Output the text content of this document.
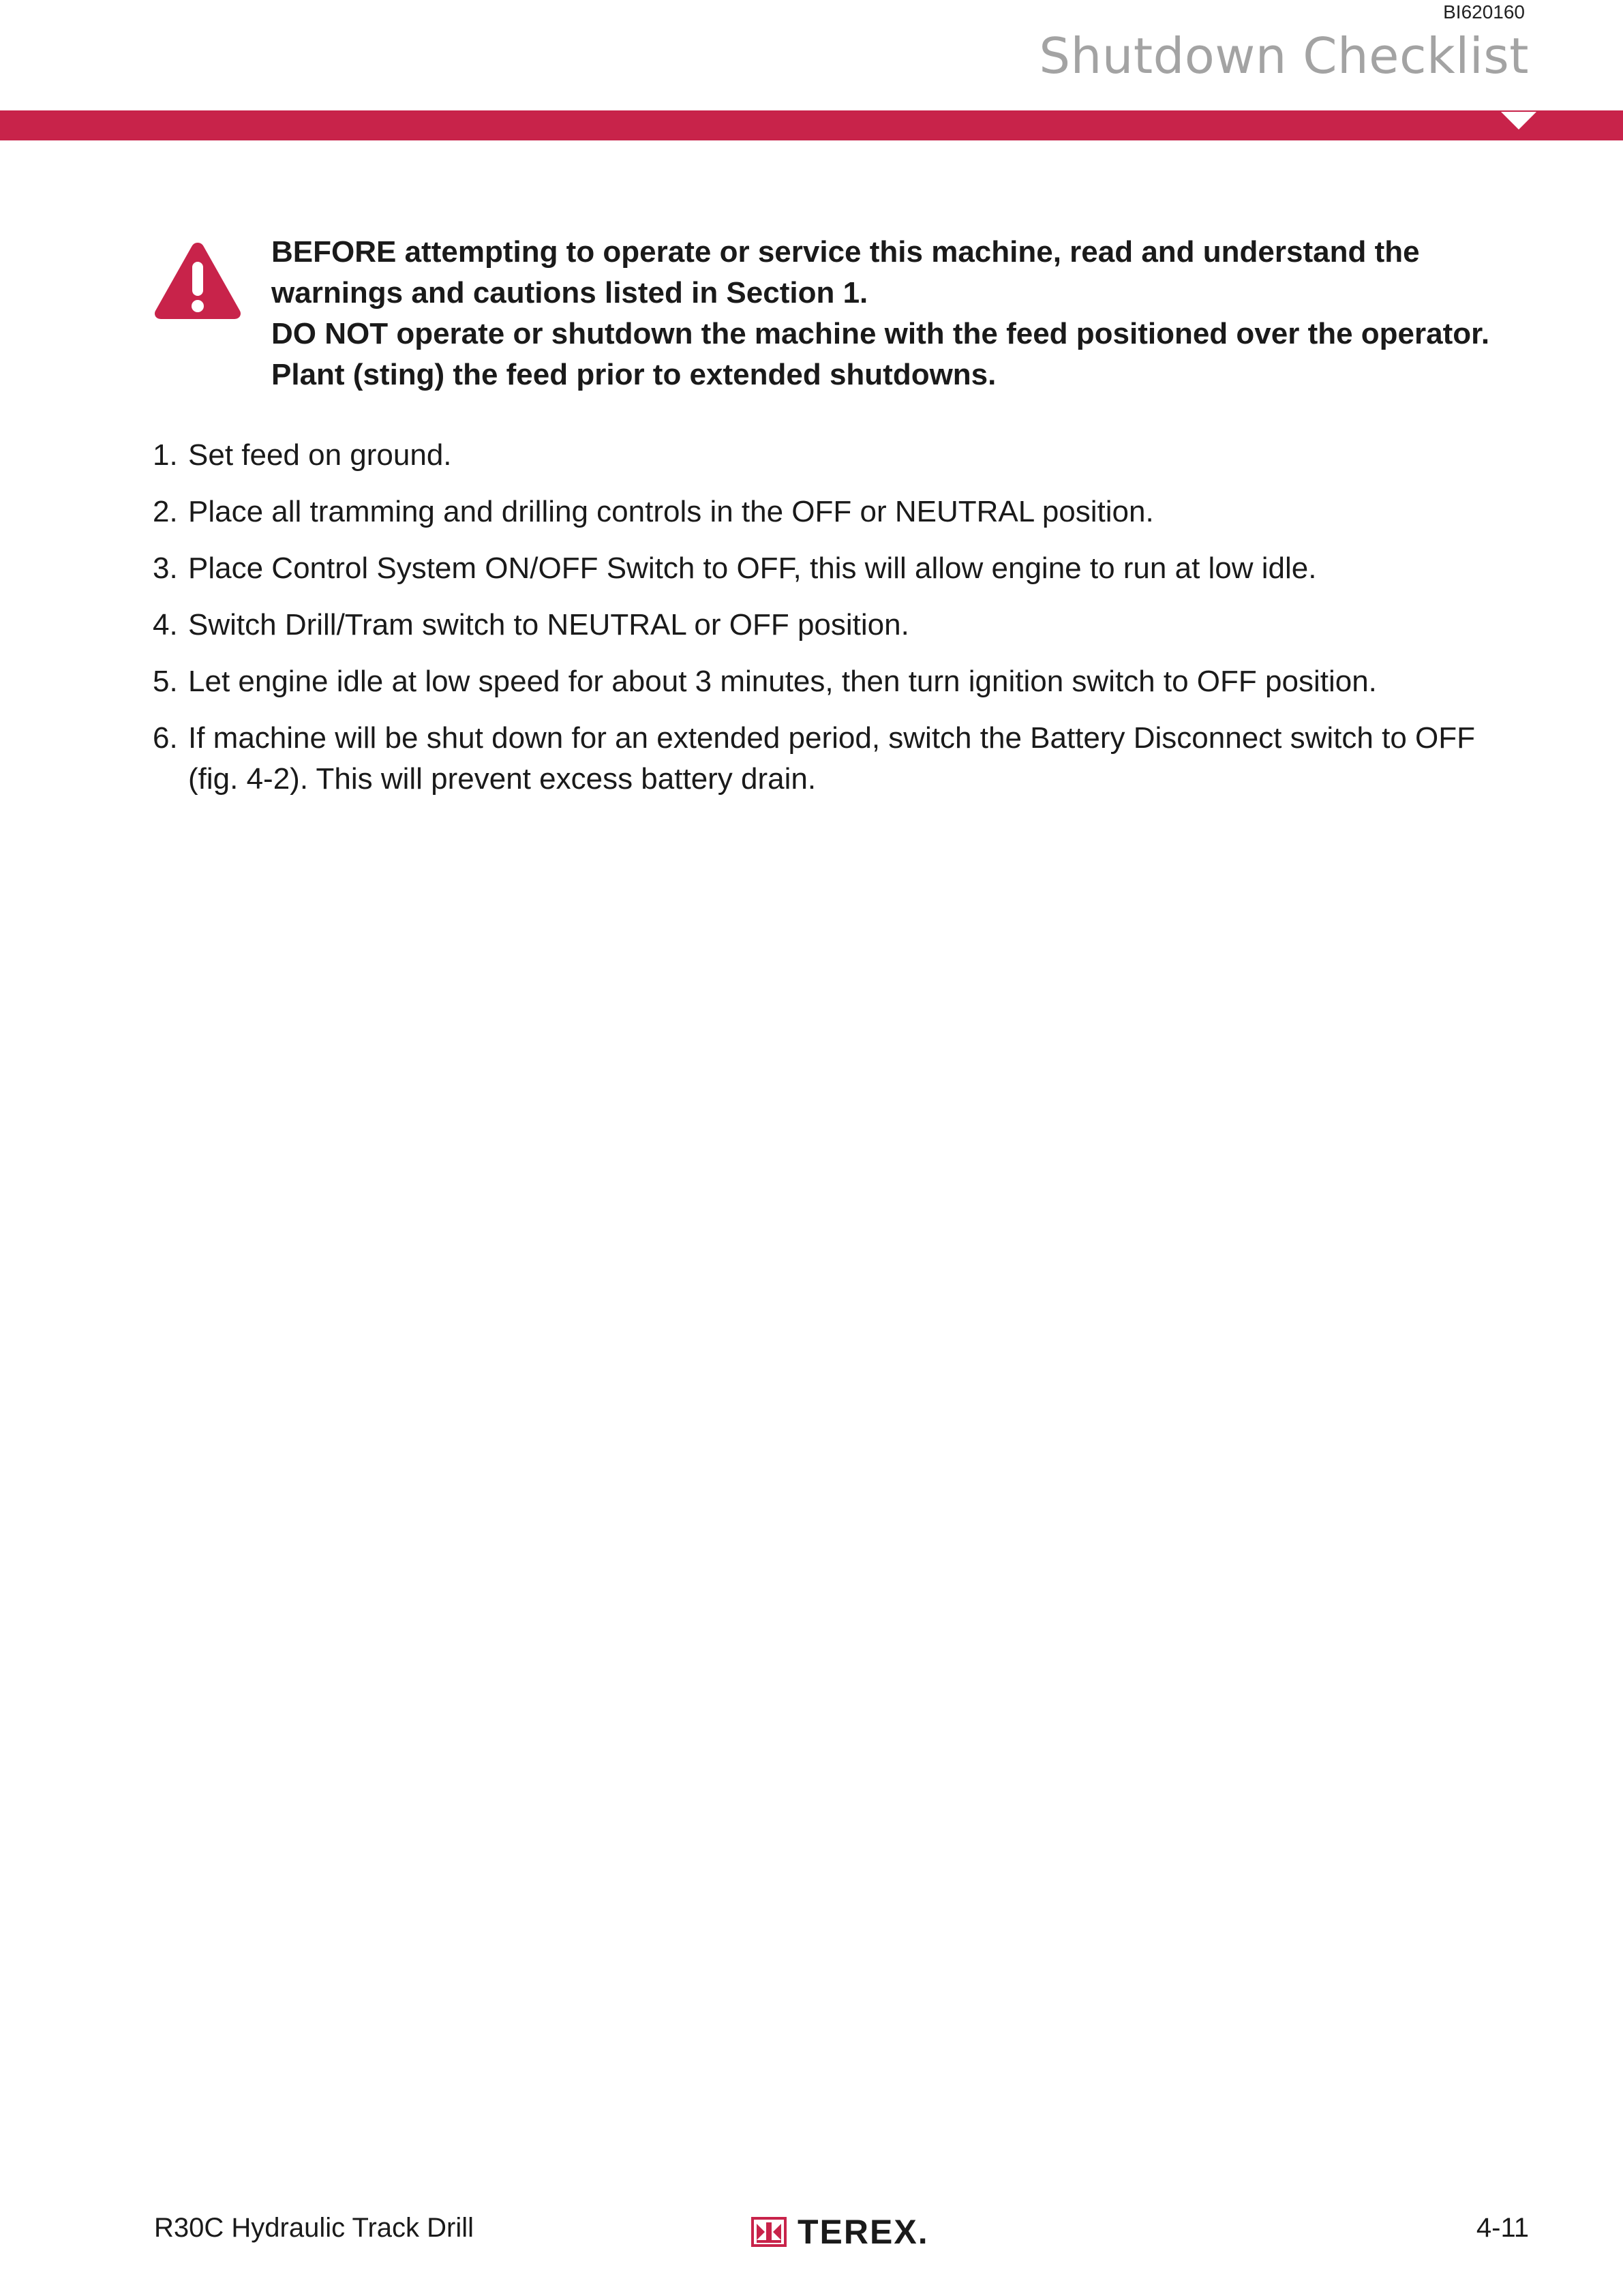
BI620160
Shutdown Checklist

BEFORE attempting to operate or service this machine, read and understand the warnings and cautions listed in Section 1.

DO NOT operate or shutdown the machine with the feed positioned over the operator.

Plant (sting) the feed prior to extended shutdowns.

1. Set feed on ground.
2. Place all tramming and drilling controls in the OFF or NEUTRAL position.
3. Place Control System ON/OFF Switch to OFF, this will allow engine to run at low idle.
4. Switch Drill/Tram switch to NEUTRAL or OFF position.
5. Let engine idle at low speed for about 3 minutes, then turn ignition switch to OFF position.
6. If machine will be shut down for an extended period, switch the Battery Disconnect switch to OFF (fig. 4-2). This will prevent excess battery drain.
R30C Hydraulic Track Drill	TEREX.	4-11
